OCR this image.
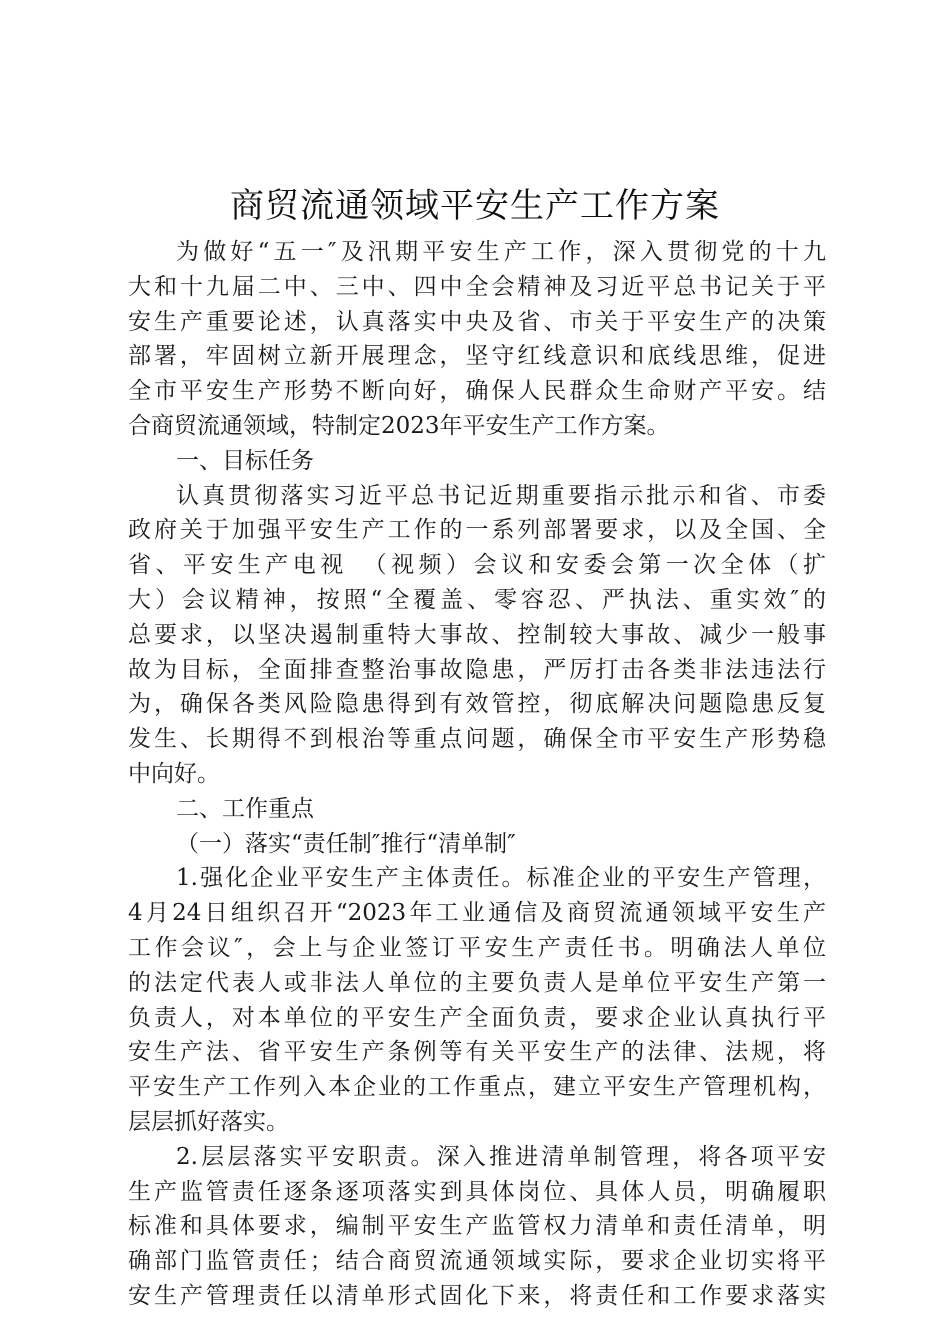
商贸流通领域平安生产工作方案
为做好“五一″及汛期平安生产工作，深入贯彻党的十九
大和十九届二中、三中、四中全会精神及习近平总书记关于平
安生产重要论述，认真落实中央及省、市关于平安生产的决策
部署，牢固树立新开展理念，坚守红线意识和底线思维，促进
全市平安生产形势不断向好，确保人民群众生命财产平安。结
合商贸流通领域，特制定2023年平安生产工作方案。
一、目标任务
认真贯彻落实习近平总书记近期重要指示批示和省、市委
政府关于加强平安生产工作的一系列部署要求，以及全国、全
省、平安生产电视　（视频）会议和安委会第一次全体（扩
大）会议精神，按照“全覆盖、零容忍、严执法、重实效″的
总要求，以坚决遏制重特大事故、控制较大事故、减少一般事
故为目标，全面排查整治事故隐患，严厉打击各类非法违法行
为，确保各类风险隐患得到有效管控，彻底解决问题隐患反复
发生、长期得不到根治等重点问题，确保全市平安生产形势稳
中向好。
二、工作重点
（一）落实“责任制″推行“清单制″
1.强化企业平安生产主体责任。标准企业的平安生产管理，
4月24日组织召开“2023年工业通信及商贸流通领域平安生产
工作会议″，会上与企业签订平安生产责任书。明确法人单位
的法定代表人或非法人单位的主要负责人是单位平安生产第一
负责人，对本单位的平安生产全面负责，要求企业认真执行平
安生产法、省平安生产条例等有关平安生产的法律、法规，将
平安生产工作列入本企业的工作重点，建立平安生产管理机构，
层层抓好落实。
2.层层落实平安职责。深入推进清单制管理，将各项平安
生产监管责任逐条逐项落实到具体岗位、具体人员，明确履职
标准和具体要求，编制平安生产监管权力清单和责任清单，明
确部门监管责任；结合商贸流通领域实际，要求企业切实将平
安生产管理责任以清单形式固化下来，将责任和工作要求落实
